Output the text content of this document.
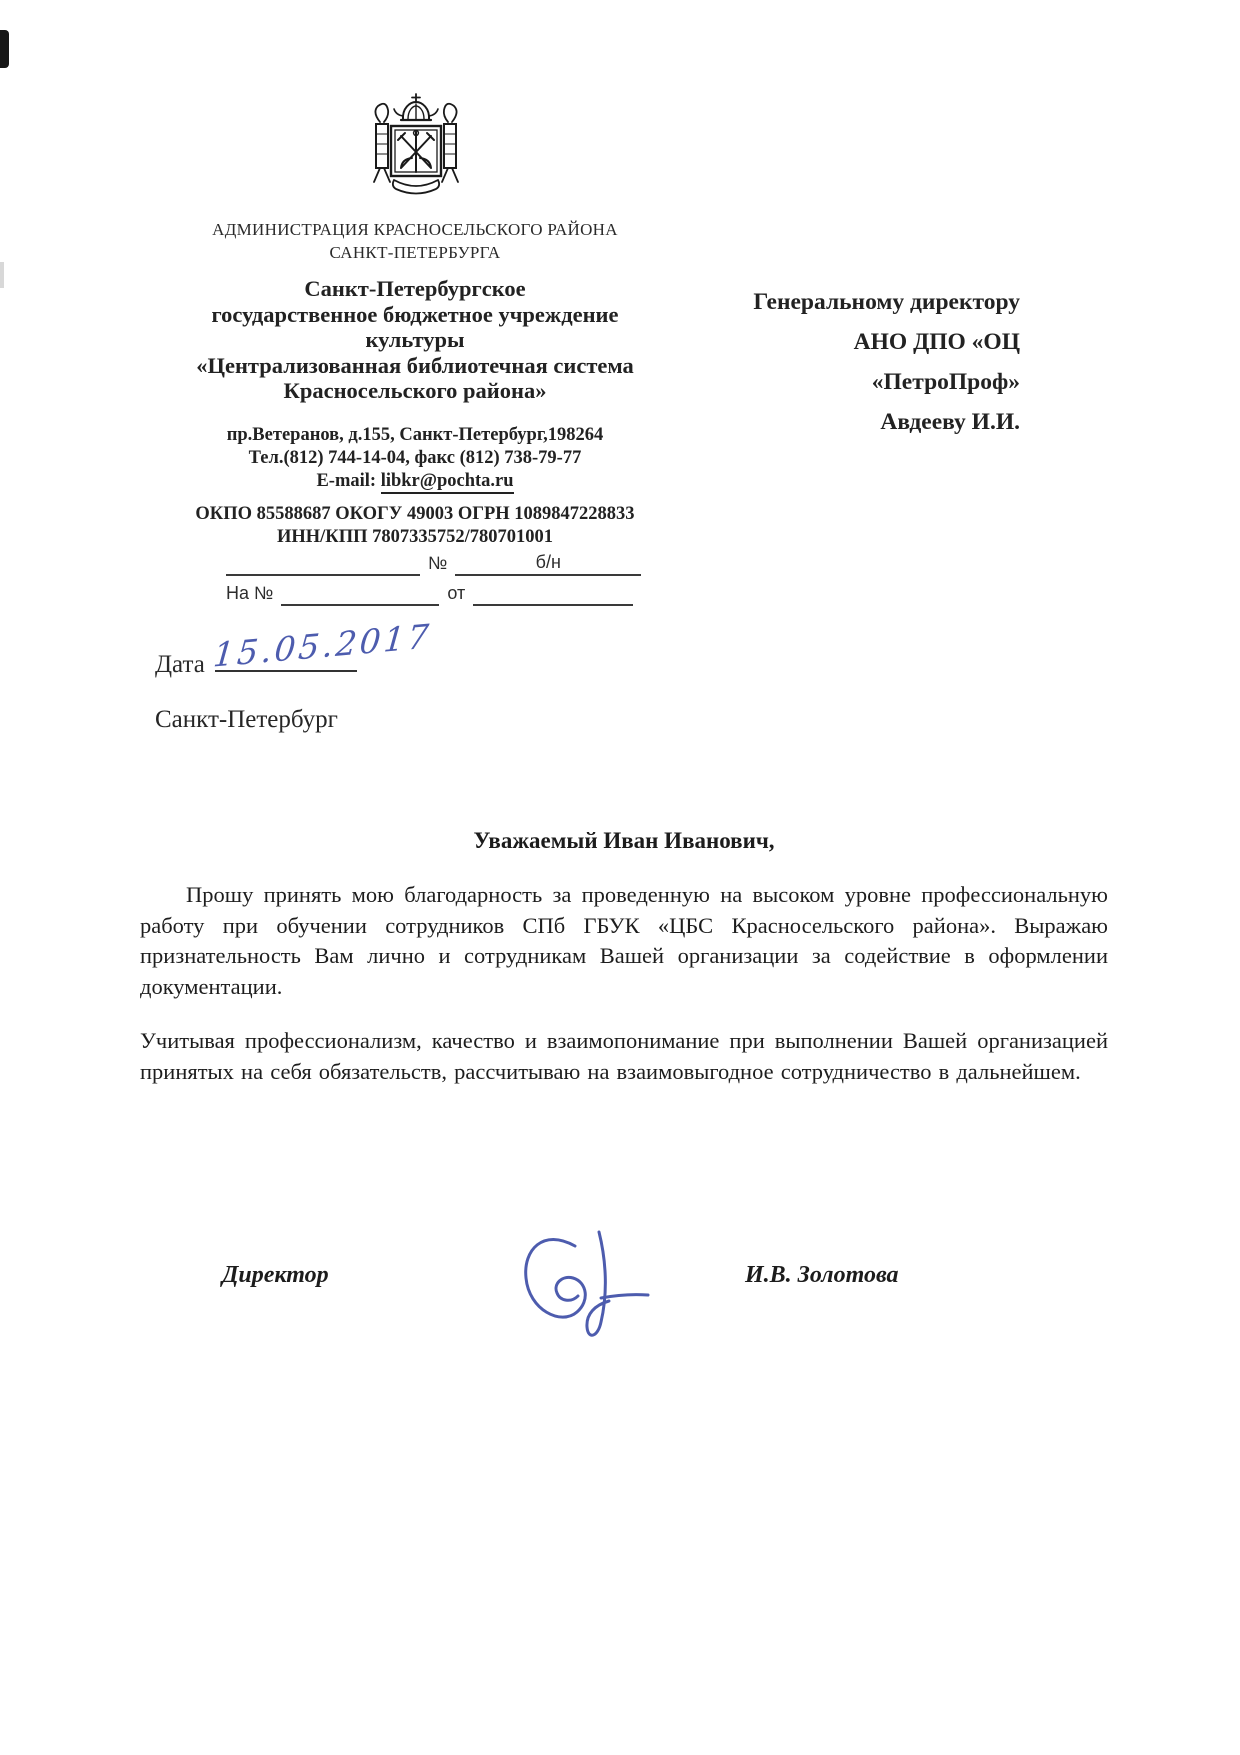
АДМИНИСТРАЦИЯ КРАСНОСЕЛЬСКОГО РАЙОНА
САНКТ-ПЕТЕРБУРГА
Санкт-Петербургское
государственное бюджетное учреждение
культуры
«Централизованная библиотечная система
Красносельского района»
пр.Ветеранов, д.155, Санкт-Петербург,198264
Тел.(812) 744-14-04, факс (812) 738-79-77
E-mail: libkr@pochta.ru
ОКПО 85588687 ОКОГУ 49003 ОГРН 1089847228833
ИНН/КПП 7807335752/780701001
№	б/н
На №	от
Генеральному директору
АНО ДПО «ОЦ «ПетроПроф»
Авдееву И.И.
Дата 15.05.2017
Санкт-Петербург
Уважаемый Иван Иванович,
Прошу принять мою благодарность за проведенную на высоком уровне профессиональную работу при обучении сотрудников СПб ГБУК «ЦБС Красносельского района». Выражаю признательность Вам лично и сотрудникам Вашей организации за содействие в оформлении документации.
Учитывая профессионализм, качество и взаимопонимание при выполнении Вашей организацией принятых на себя обязательств, рассчитываю на взаимовыгодное сотрудничество в дальнейшем.
Директор	И.В. Золотова
